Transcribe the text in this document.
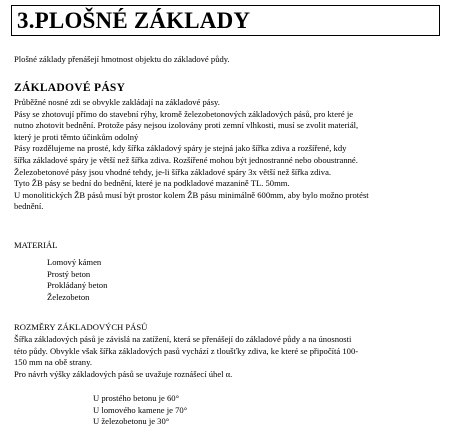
3.PLOŠNÉ ZÁKLADY
Plošné základy přenášejí hmotnost objektu do základové půdy.
ZÁKLADOVÉ PÁSY
Průběžné nosné zdi se obvykle zakládají na základové pásy.
Pásy se zhotovují přímo do stavební rýhy, kromě železobetonových základových pásů, pro které je
nutno zhotovit bednění. Protože pásy nejsou izolovány proti zemní vlhkosti, musí se zvolit materiál,
který je proti těmto účinkům odolný
Pásy rozdělujeme na prosté, kdy šířka základový spáry je stejná jako šířka zdiva a rozšířené, kdy
šířka základové spáry je větší než šířka zdiva. Rozšířené mohou být jednostranné nebo oboustranné.
Železobetonové pásy jsou vhodné tehdy, je-li šířka základové spáry 3x větší než šířka zdiva.
Tyto ŽB pásy se bední do bednění, které je na podkladové mazanině TL. 50mm.
U monolitických ŽB pásů musí být prostor kolem ŽB pásu minimálně 600mm, aby bylo možno protést
bednění.
MATERIÁL
Lomový kámen
Prostý beton
Prokládaný beton
Železobeton
ROZMĚRY ZÁKLADOVÝCH PÁSŮ
Šířka základových pásů je závislá na zatížení, která se přenášejí do základové půdy a na únosnosti
této půdy. Obvykle však šířka základových pasů vychází z tloušťky zdiva, ke které se připočítá 100-
150 mm na obě strany.
Pro návrh výšky základových pásů se uvažuje roznášecí úhel α.
U prostého betonu je 60°
U lomového kamene je 70°
U železobetonu je 30°
